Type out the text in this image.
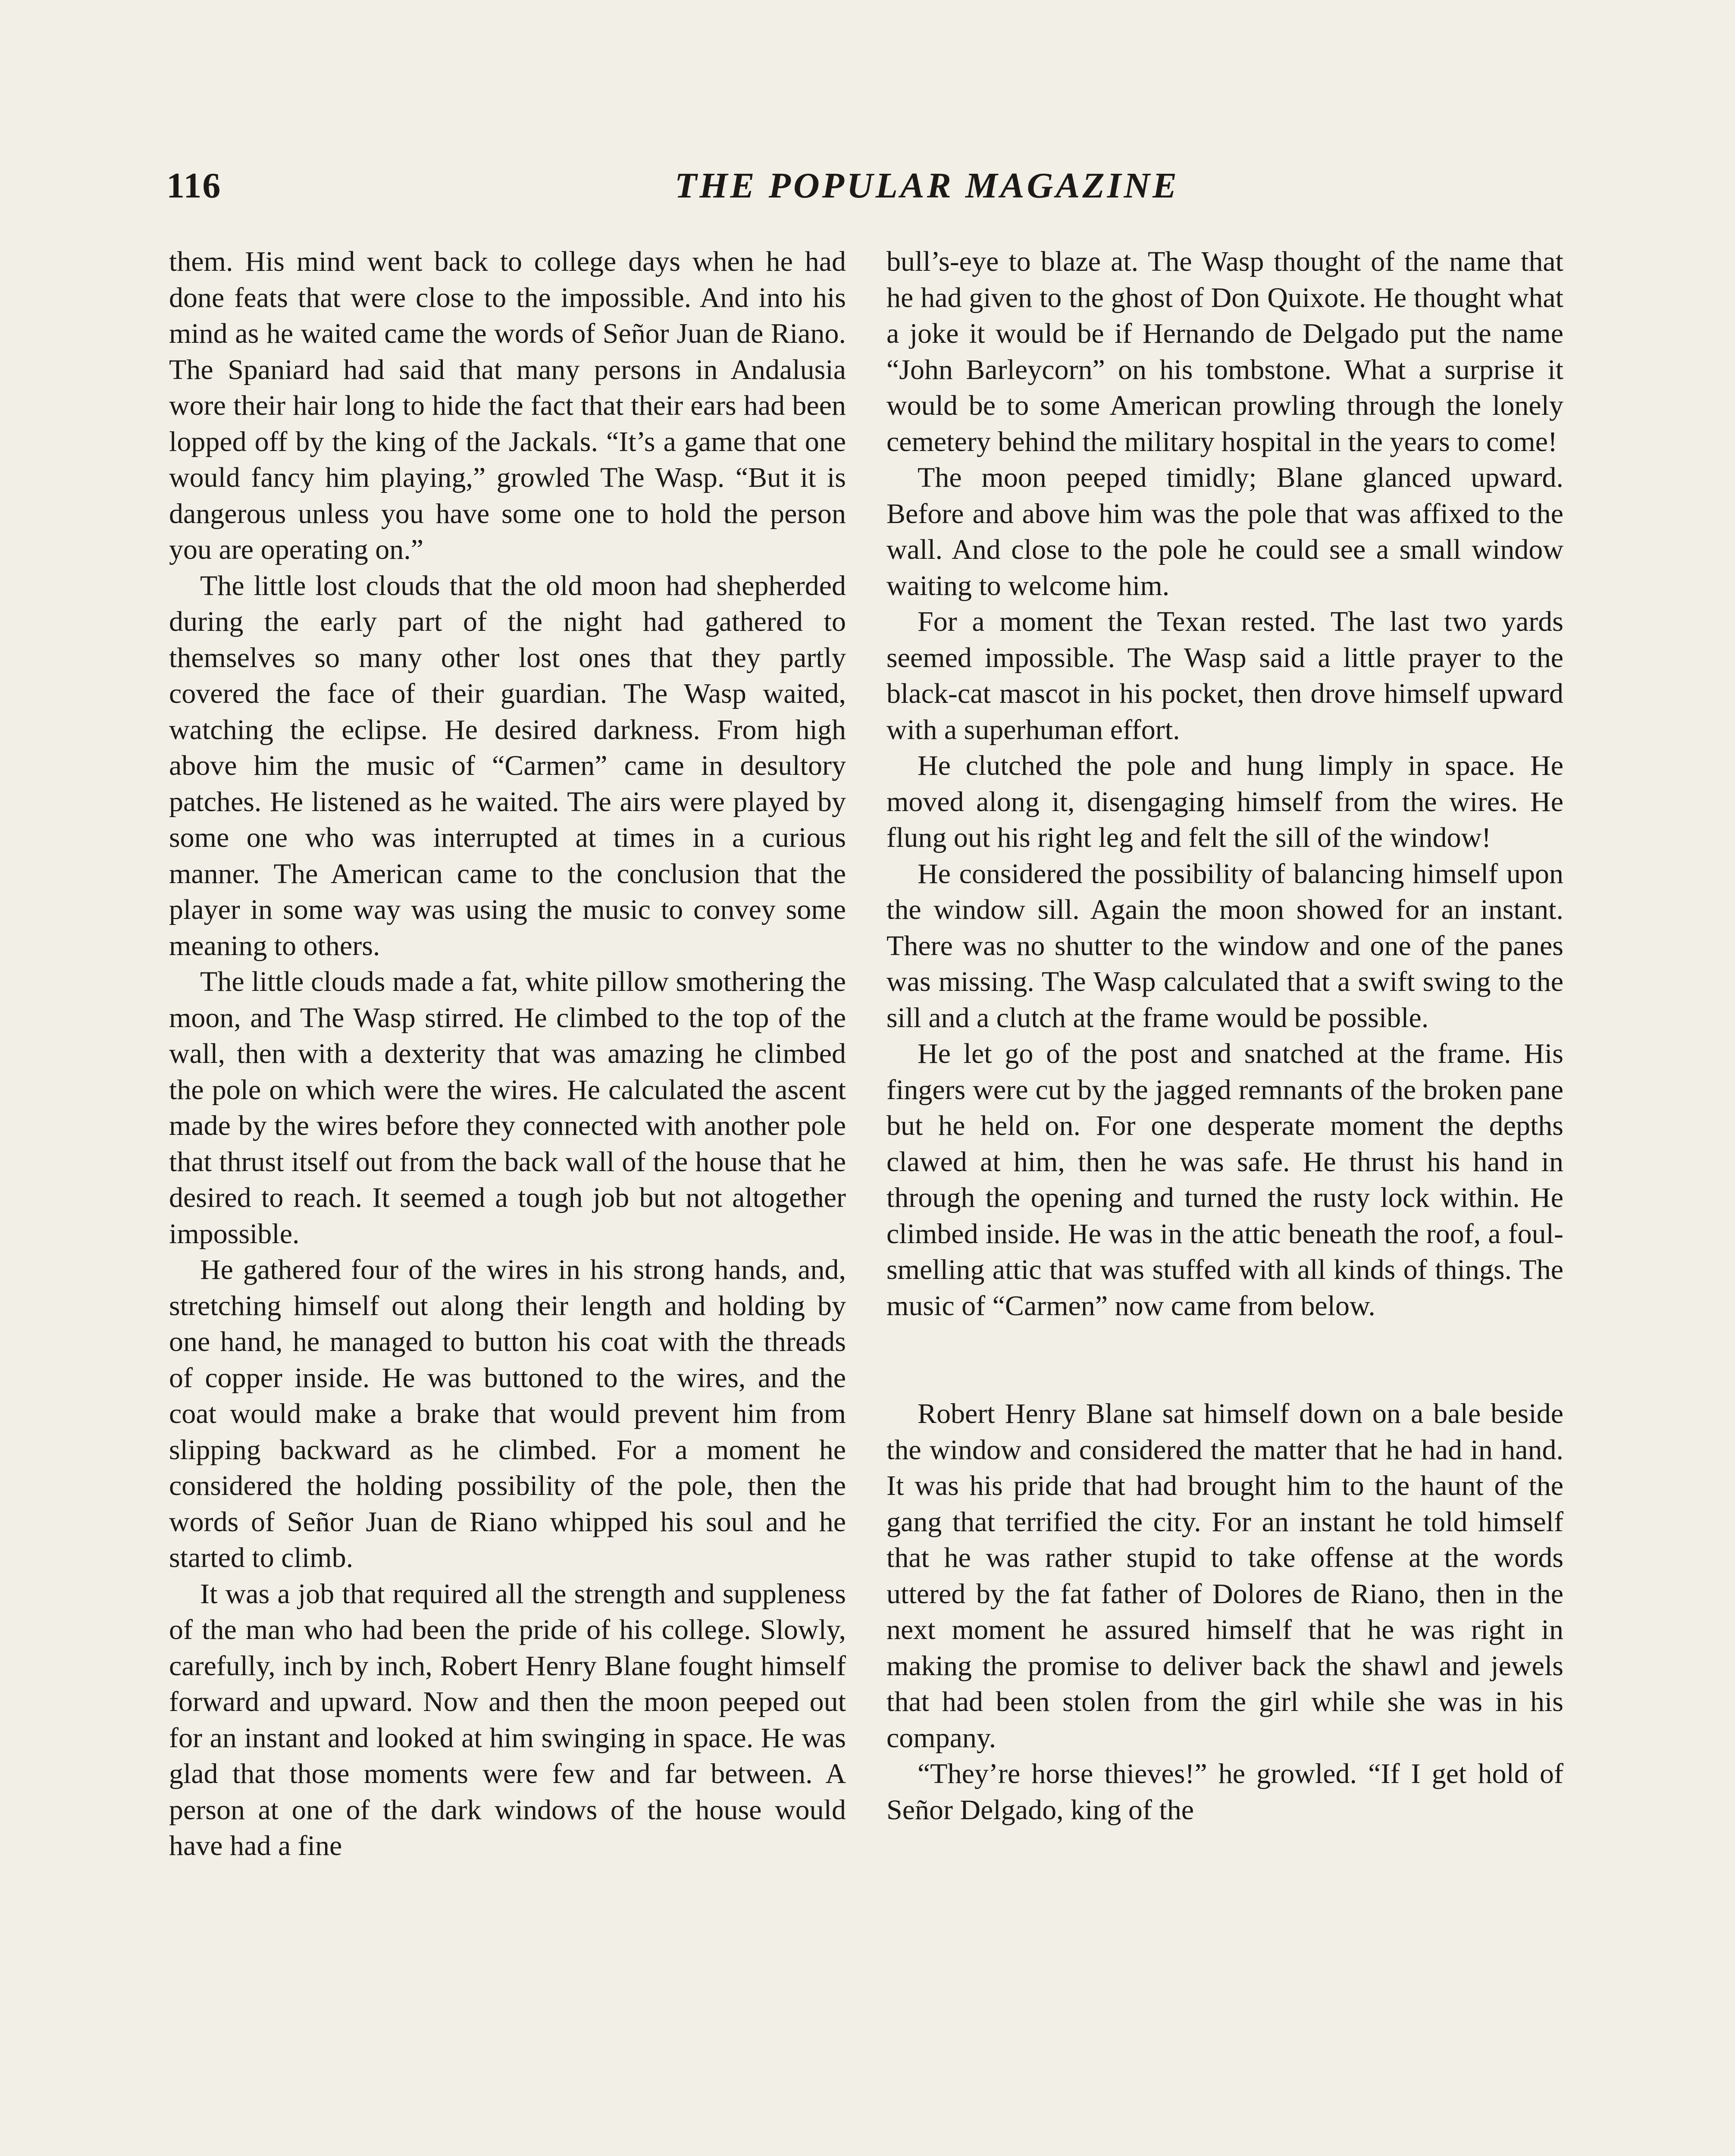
116	THE POPULAR MAGAZINE

them. His mind went back to college days when he had done feats that were close to the impossible. And into his mind as he waited came the words of Señor Juan de Riano. The Spaniard had said that many persons in Andalusia wore their hair long to hide the fact that their ears had been lopped off by the king of the Jackals. “It’s a game that one would fancy him playing,” growled The Wasp. “But it is dangerous unless you have some one to hold the person you are operating on.”

The little lost clouds that the old moon had shepherded during the early part of the night had gathered to themselves so many other lost ones that they partly covered the face of their guardian. The Wasp waited, watching the eclipse. He desired darkness. From high above him the music of “Carmen” came in desultory patches. He listened as he waited. The airs were played by some one who was interrupted at times in a curious manner. The American came to the conclusion that the player in some way was using the music to convey some meaning to others.

The little clouds made a fat, white pillow smothering the moon, and The Wasp stirred. He climbed to the top of the wall, then with a dexterity that was amazing he climbed the pole on which were the wires. He calculated the ascent made by the wires before they connected with another pole that thrust itself out from the back wall of the house that he desired to reach. It seemed a tough job but not altogether impossible.

He gathered four of the wires in his strong hands, and, stretching himself out along their length and holding by one hand, he managed to button his coat with the threads of copper inside. He was buttoned to the wires, and the coat would make a brake that would prevent him from slipping backward as he climbed. For a moment he considered the holding possibility of the pole, then the words of Señor Juan de Riano whipped his soul and he started to climb.

It was a job that required all the strength and suppleness of the man who had been the pride of his college. Slowly, carefully, inch by inch, Robert Henry Blane fought himself forward and upward. Now and then the moon peeped out for an instant and looked at him swinging in space. He was glad that those moments were few and far between. A person at one of the dark windows of the house would have had a fine

bull’s-eye to blaze at. The Wasp thought of the name that he had given to the ghost of Don Quixote. He thought what a joke it would be if Hernando de Delgado put the name “John Barleycorn” on his tombstone. What a surprise it would be to some American prowling through the lonely cemetery behind the military hospital in the years to come!

The moon peeped timidly; Blane glanced upward. Before and above him was the pole that was affixed to the wall. And close to the pole he could see a small window waiting to welcome him.

For a moment the Texan rested. The last two yards seemed impossible. The Wasp said a little prayer to the black-cat mascot in his pocket, then drove himself upward with a superhuman effort.

He clutched the pole and hung limply in space. He moved along it, disengaging himself from the wires. He flung out his right leg and felt the sill of the window!

He considered the possibility of balancing himself upon the window sill. Again the moon showed for an instant. There was no shutter to the window and one of the panes was missing. The Wasp calculated that a swift swing to the sill and a clutch at the frame would be possible.

He let go of the post and snatched at the frame. His fingers were cut by the jagged remnants of the broken pane but he held on. For one desperate moment the depths clawed at him, then he was safe. He thrust his hand in through the opening and turned the rusty lock within. He climbed inside. He was in the attic beneath the roof, a foul-smelling attic that was stuffed with all kinds of things. The music of “Carmen” now came from below.

Robert Henry Blane sat himself down on a bale beside the window and considered the matter that he had in hand. It was his pride that had brought him to the haunt of the gang that terrified the city. For an instant he told himself that he was rather stupid to take offense at the words uttered by the fat father of Dolores de Riano, then in the next moment he assured himself that he was right in making the promise to deliver back the shawl and jewels that had been stolen from the girl while she was in his company.

“They’re horse thieves!” he growled. “If I get hold of Señor Delgado, king of the
